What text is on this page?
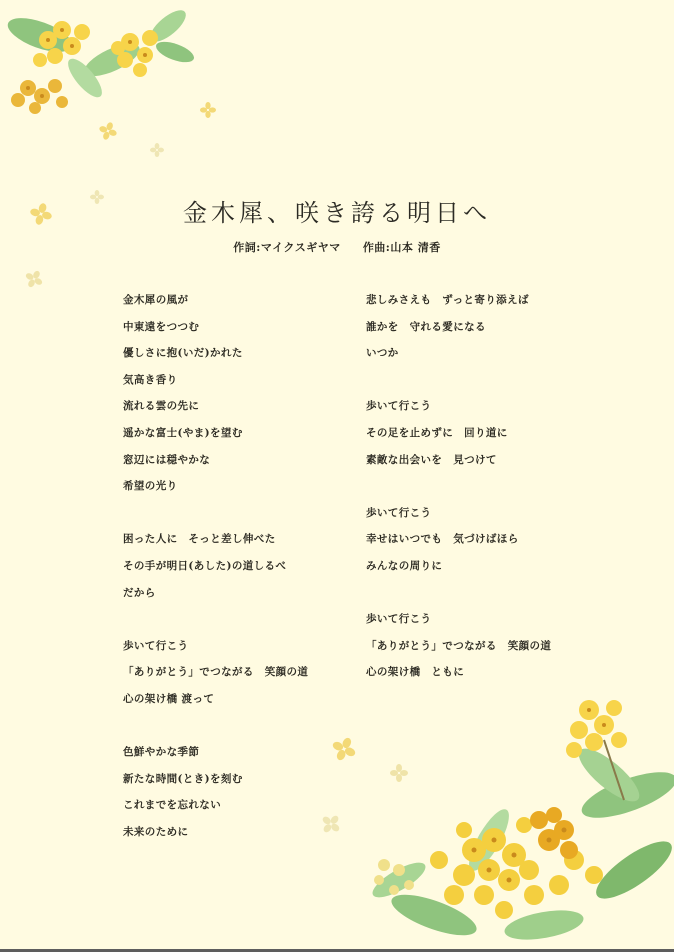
金木犀、咲き誇る明日へ
作詞:マイクスギヤマ 作曲:山本 清香
金木犀の風が
中東遠をつつむ
優しさに抱(いだ)かれた
気高き香り
流れる雲の先に
遥かな富士(やま)を望む
窓辺には穏やかな
希望の光り
困った人に　そっと差し伸べた
その手が明日(あした)の道しるべ
だから
歩いて行こう
「ありがとう」でつながる　笑顔の道
心の架け橋 渡って
色鮮やかな季節
新たな時間(とき)を刻む
これまでを忘れない
未来のために
悲しみさえも　ずっと寄り添えば
誰かを　守れる愛になる
いつか
歩いて行こう
その足を止めずに　回り道に
素敵な出会いを　見つけて
歩いて行こう
幸せはいつでも　気づけばほら
みんなの周りに
歩いて行こう
「ありがとう」でつながる　笑顔の道
心の架け橋　ともに
